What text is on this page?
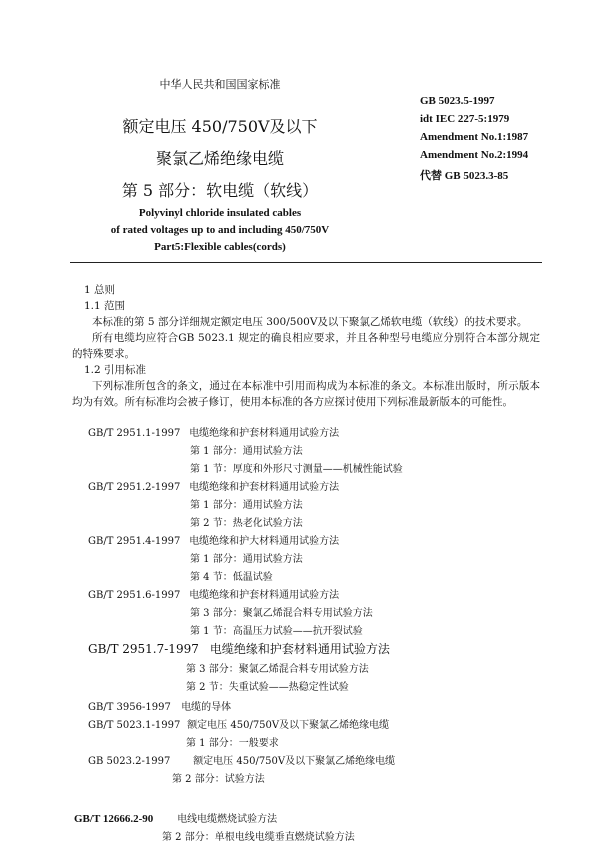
中华人民共和国国家标准
额定电压 450/750V及以下
聚氯乙烯绝缘电缆
第 5 部分：软电缆（软线）
Polyvinyl chloride insulated cables
of rated voltages up to and including 450/750V
Part5:Flexible cables(cords)
GB 5023.5-1997
idt IEC 227-5:1979
Amendment No.1:1987
Amendment No.2:1994
代替 GB 5023.3-85
1 总则
1.1 范围
本标准的第 5 部分详细规定额定电压 300/500V及以下聚氯乙烯软电缆（软线）的技术要求。
所有电缆均应符合GB 5023.1 规定的确良相应要求，并且各种型号电缆应分别符合本部分规定的特殊要求。
1.2 引用标准
下列标准所包含的条文，通过在本标准中引用而构成为本标准的条文。本标准出版时，所示版本均为有效。所有标准均会被子修订，使用本标准的各方应探讨使用下列标准最新版本的可能性。
GB/T 2951.1-1997 电缆绝缘和护套材料通用试验方法
第 1 部分：通用试验方法
第 1 节：厚度和外形尺寸测量——机械性能试验
GB/T 2951.2-1997 电缆绝缘和护套材料通用试验方法
第 1 部分：通用试验方法
第 2 节：热老化试验方法
GB/T 2951.4-1997 电缆绝缘和护大材料通用试验方法
第 1 部分：通用试验方法
第 4 节：低温试验
GB/T 2951.6-1997 电缆绝缘和护套材料通用试验方法
第 3 部分：聚氯乙烯混合料专用试验方法
第 1 节：高温压力试验——抗开裂试验
GB/T 2951.7-1997 电缆绝缘和护套材料通用试验方法
第 3 部分：聚氯乙烯混合料专用试验方法
第 2 节：失重试验——热稳定性试验
GB/T 3956-1997 电缆的导体
GB/T 5023.1-1997 额定电压 450/750V及以下聚氯乙烯绝缘电缆
第 1 部分：一般要求
GB 5023.2-1997 额定电压 450/750V及以下聚氯乙烯绝缘电缆
第 2 部分：试验方法
GB/T 12666.2-90 电线电缆燃烧试验方法
第 2 部分：单根电线电缆垂直燃烧试验方法
